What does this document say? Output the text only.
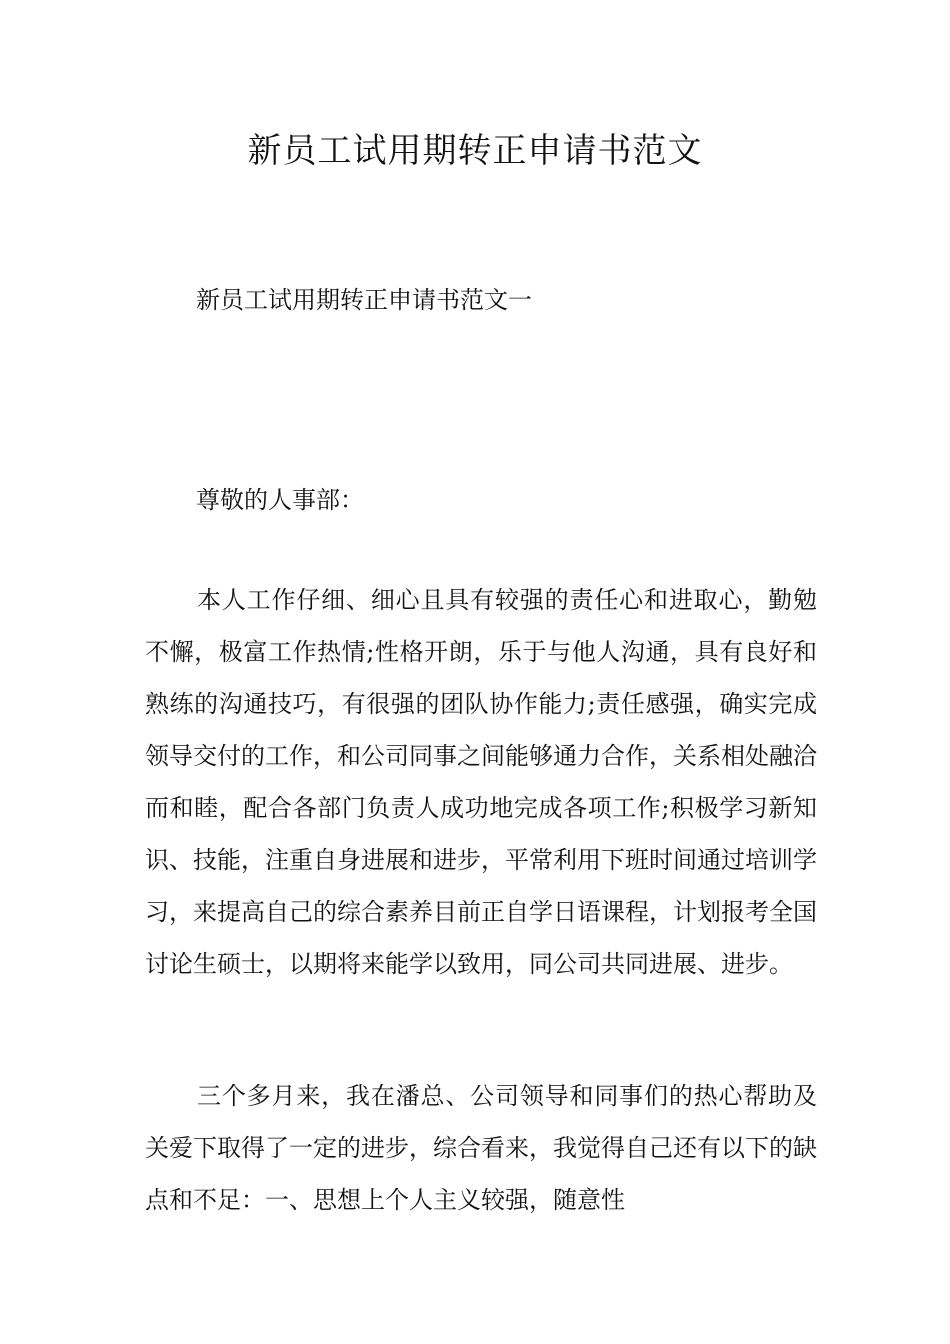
新员工试用期转正申请书范文

新员工试用期转正申请书范文一

尊敬的人事部：

本人工作仔细、细心且具有较强的责任心和进取心，勤勉不懈，极富工作热情;性格开朗，乐于与他人沟通，具有良好和熟练的沟通技巧，有很强的团队协作能力;责任感强，确实完成领导交付的工作，和公司同事之间能够通力合作，关系相处融洽而和睦，配合各部门负责人成功地完成各项工作;积极学习新知识、技能，注重自身进展和进步，平常利用下班时间通过培训学习，来提高自己的综合素养目前正自学日语课程，计划报考全国讨论生硕士，以期将来能学以致用，同公司共同进展、进步。

三个多月来，我在潘总、公司领导和同事们的热心帮助及关爱下取得了一定的进步，综合看来，我觉得自己还有以下的缺点和不足：一、思想上个人主义较强，随意性
